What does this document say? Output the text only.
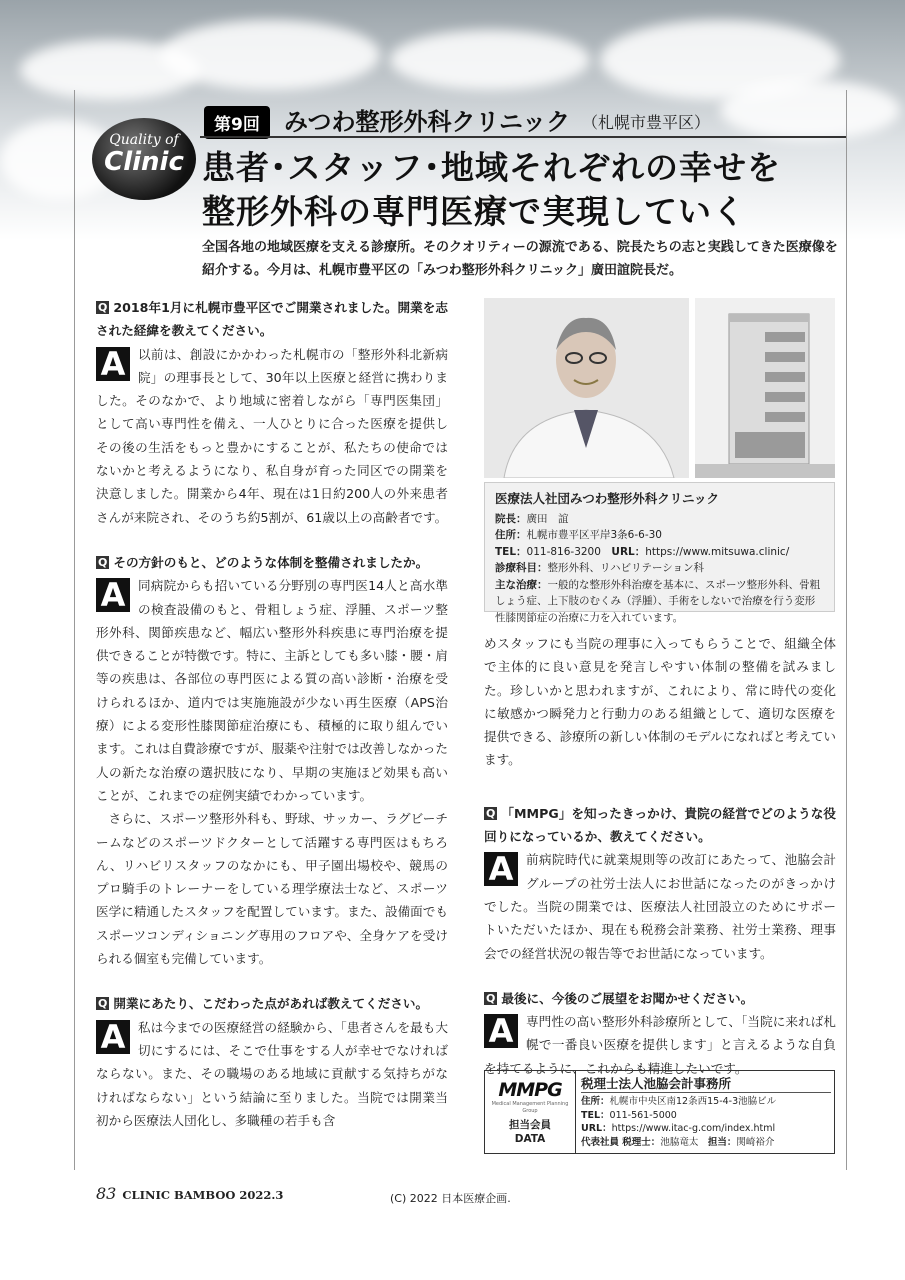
Quality of
Clinic
第9回	みつわ整形外科クリニック （札幌市豊平区）
患者･スタッフ･地域それぞれの幸せを
整形外科の専門医療で実現していく
全国各地の地域医療を支える診療所。そのクオリティーの源流である、院長たちの志と実践してきた医療像を紹介する。今月は、札幌市豊平区の「みつわ整形外科クリニック」廣田誼院長だ。

Q 2018年1月に札幌市豊平区でご開業されました。開業を志された経緯を教えてください。

A	以前は、創設にかかわった札幌市の「整形外科北新病院」の理事長として、30年以上医療と経営に携わりました。そのなかで、より地域に密着しながら「専門医集団」として高い専門性を備え、一人ひとりに合った医療を提供しその後の生活をもっと豊かにすることが、私たちの使命ではないかと考えるようになり、私自身が育った同区での開業を決意しました。開業から4年、現在は1日約200人の外来患者さんが来院され、そのうち約5割が、61歳以上の高齢者です。

Q その方針のもと、どのような体制を整備されましたか。

A	同病院からも招いている分野別の専門医14人と高水準の検査設備のもと、骨粗しょう症、浮腫、スポーツ整形外科、関節疾患など、幅広い整形外科疾患に専門治療を提供できることが特徴です。特に、主訴としても多い膝・腰・肩等の疾患は、各部位の専門医による質の高い診断・治療を受けられるほか、道内では実施施設が少ない再生医療（APS治療）による変形性膝関節症治療にも、積極的に取り組んでいます。これは自費診療ですが、服薬や注射では改善しなかった人の新たな治療の選択肢になり、早期の実施ほど効果も高いことが、これまでの症例実績でわかっています。

さらに、スポーツ整形外科も、野球、サッカー、ラグビーチームなどのスポーツドクターとして活躍する専門医はもちろん、リハビリスタッフのなかにも、甲子園出場校や、競馬のプロ騎手のトレーナーをしている理学療法士など、スポーツ医学に精通したスタッフを配置しています。また、設備面でもスポーツコンディショニング専用のフロアや、全身ケアを受けられる個室も完備しています。

Q 開業にあたり、こだわった点があれば教えてください。

A	私は今までの医療経営の経験から、「患者さんを最も大切にするには、そこで仕事をする人が幸せでなければならない。また、その職場のある地域に貢献する気持ちがなければならない」という結論に至りました。当院では開業当初から医療法人団化し、多職種の若手も含
医療法人社団みつわ整形外科クリニック
院長：廣田　誼
住所：札幌市豊平区平岸3条6-6-30
TEL：011-816-3200　 URL：https://www.mitsuwa.clinic/
診療科目：整形外科、リハビリテーション科
主な治療：一般的な整形外科治療を基本に、スポーツ整形外科、骨粗しょう症、上下肢のむくみ（浮腫）、手術をしないで治療を行う変形性膝関節症の治療に力を入れています。

めスタッフにも当院の理事に入ってもらうことで、組織全体で主体的に良い意見を発言しやすい体制の整備を試みました。珍しいかと思われますが、これにより、常に時代の変化に敏感かつ瞬発力と行動力のある組織として、適切な医療を提供できる、診療所の新しい体制のモデルになればと考えています。

Q 「MMPG」を知ったきっかけ、貴院の経営でどのような役回りになっているか、教えてください。

A	前病院時代に就業規則等の改訂にあたって、池脇会計グループの社労士法人にお世話になったのがきっかけでした。当院の開業では、医療法人社団設立のためにサポートいただいたほか、現在も税務会計業務、社労士業務、理事会での経営状況の報告等でお世話になっています。

Q 最後に、今後のご展望をお聞かせください。

A	専門性の高い整形外科診療所として、「当院に来れば札幌で一番良い医療を提供します」と言えるような自負を持てるように、これからも精進したいです。
MMPG
Medical Management Planning Group
担当会員
DATA
税理士法人池脇会計事務所
住所：札幌市中央区南12条西15-4-3池脇ビル
TEL：011-561-5000
URL：https://www.itac-g.com/index.html
代表社員 税理士：池脇竜太　 担当：関崎裕介
83 CLINIC BAMBOO 2022.3	(C) 2022 日本医療企画.
